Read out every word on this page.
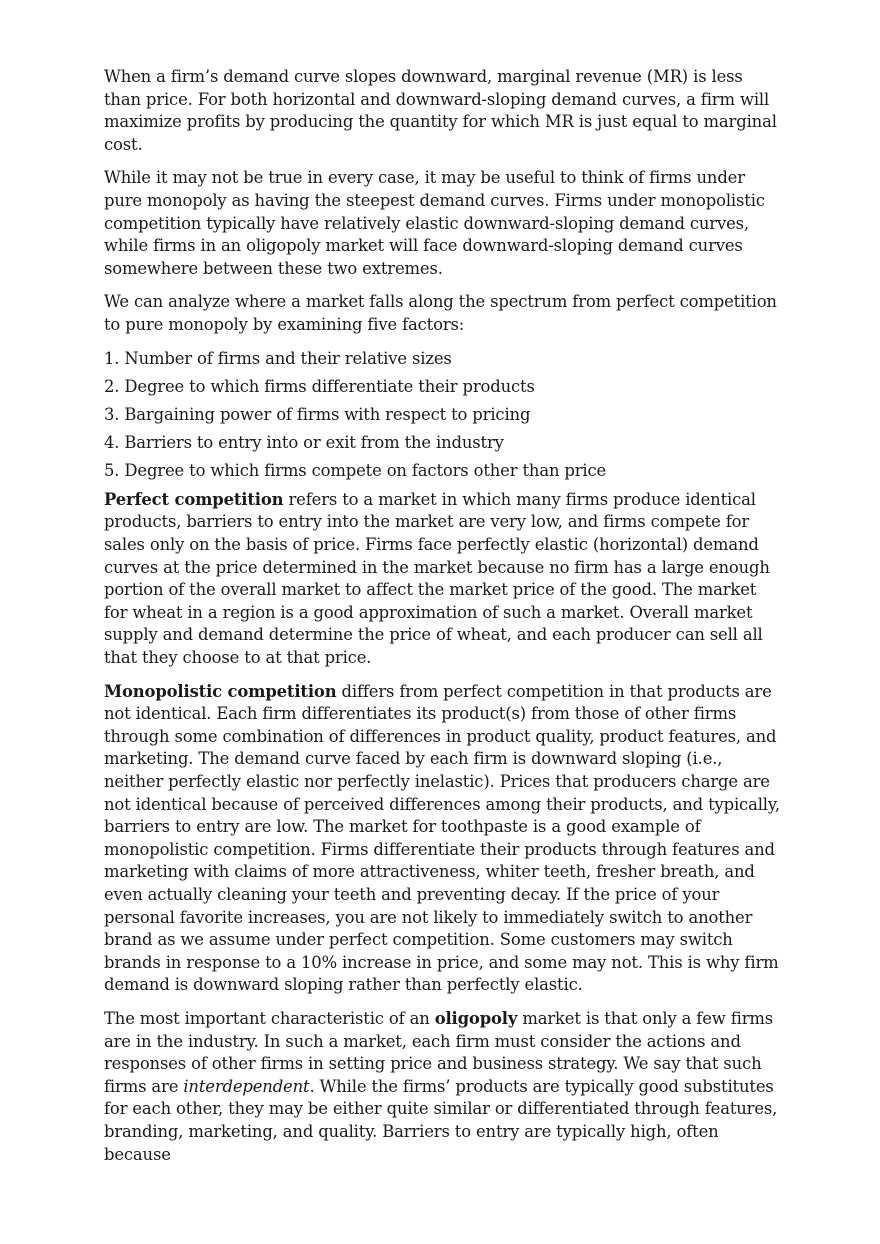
When a firm’s demand curve slopes downward, marginal revenue (MR) is less than price. For both horizontal and downward-sloping demand curves, a firm will maximize profits by producing the quantity for which MR is just equal to marginal cost.

While it may not be true in every case, it may be useful to think of firms under pure monopoly as having the steepest demand curves. Firms under monopolistic competition typically have relatively elastic downward-sloping demand curves, while firms in an oligopoly market will face downward-sloping demand curves somewhere between these two extremes.

We can analyze where a market falls along the spectrum from perfect competition to pure monopoly by examining five factors:

1. Number of firms and their relative sizes
2. Degree to which firms differentiate their products
3. Bargaining power of firms with respect to pricing
4. Barriers to entry into or exit from the industry
5. Degree to which firms compete on factors other than price

Perfect competition refers to a market in which many firms produce identical products, barriers to entry into the market are very low, and firms compete for sales only on the basis of price. Firms face perfectly elastic (horizontal) demand curves at the price determined in the market because no firm has a large enough portion of the overall market to affect the market price of the good. The market for wheat in a region is a good approximation of such a market. Overall market supply and demand determine the price of wheat, and each producer can sell all that they choose to at that price.

Monopolistic competition differs from perfect competition in that products are not identical. Each firm differentiates its product(s) from those of other firms through some combination of differences in product quality, product features, and marketing. The demand curve faced by each firm is downward sloping (i.e., neither perfectly elastic nor perfectly inelastic). Prices that producers charge are not identical because of perceived differences among their products, and typically, barriers to entry are low. The market for toothpaste is a good example of monopolistic competition. Firms differentiate their products through features and marketing with claims of more attractiveness, whiter teeth, fresher breath, and even actually cleaning your teeth and preventing decay. If the price of your personal favorite increases, you are not likely to immediately switch to another brand as we assume under perfect competition. Some customers may switch brands in response to a 10% increase in price, and some may not. This is why firm demand is downward sloping rather than perfectly elastic.

The most important characteristic of an oligopoly market is that only a few firms are in the industry. In such a market, each firm must consider the actions and responses of other firms in setting price and business strategy. We say that such firms are interdependent. While the firms’ products are typically good substitutes for each other, they may be either quite similar or differentiated through features, branding, marketing, and quality. Barriers to entry are typically high, often because
